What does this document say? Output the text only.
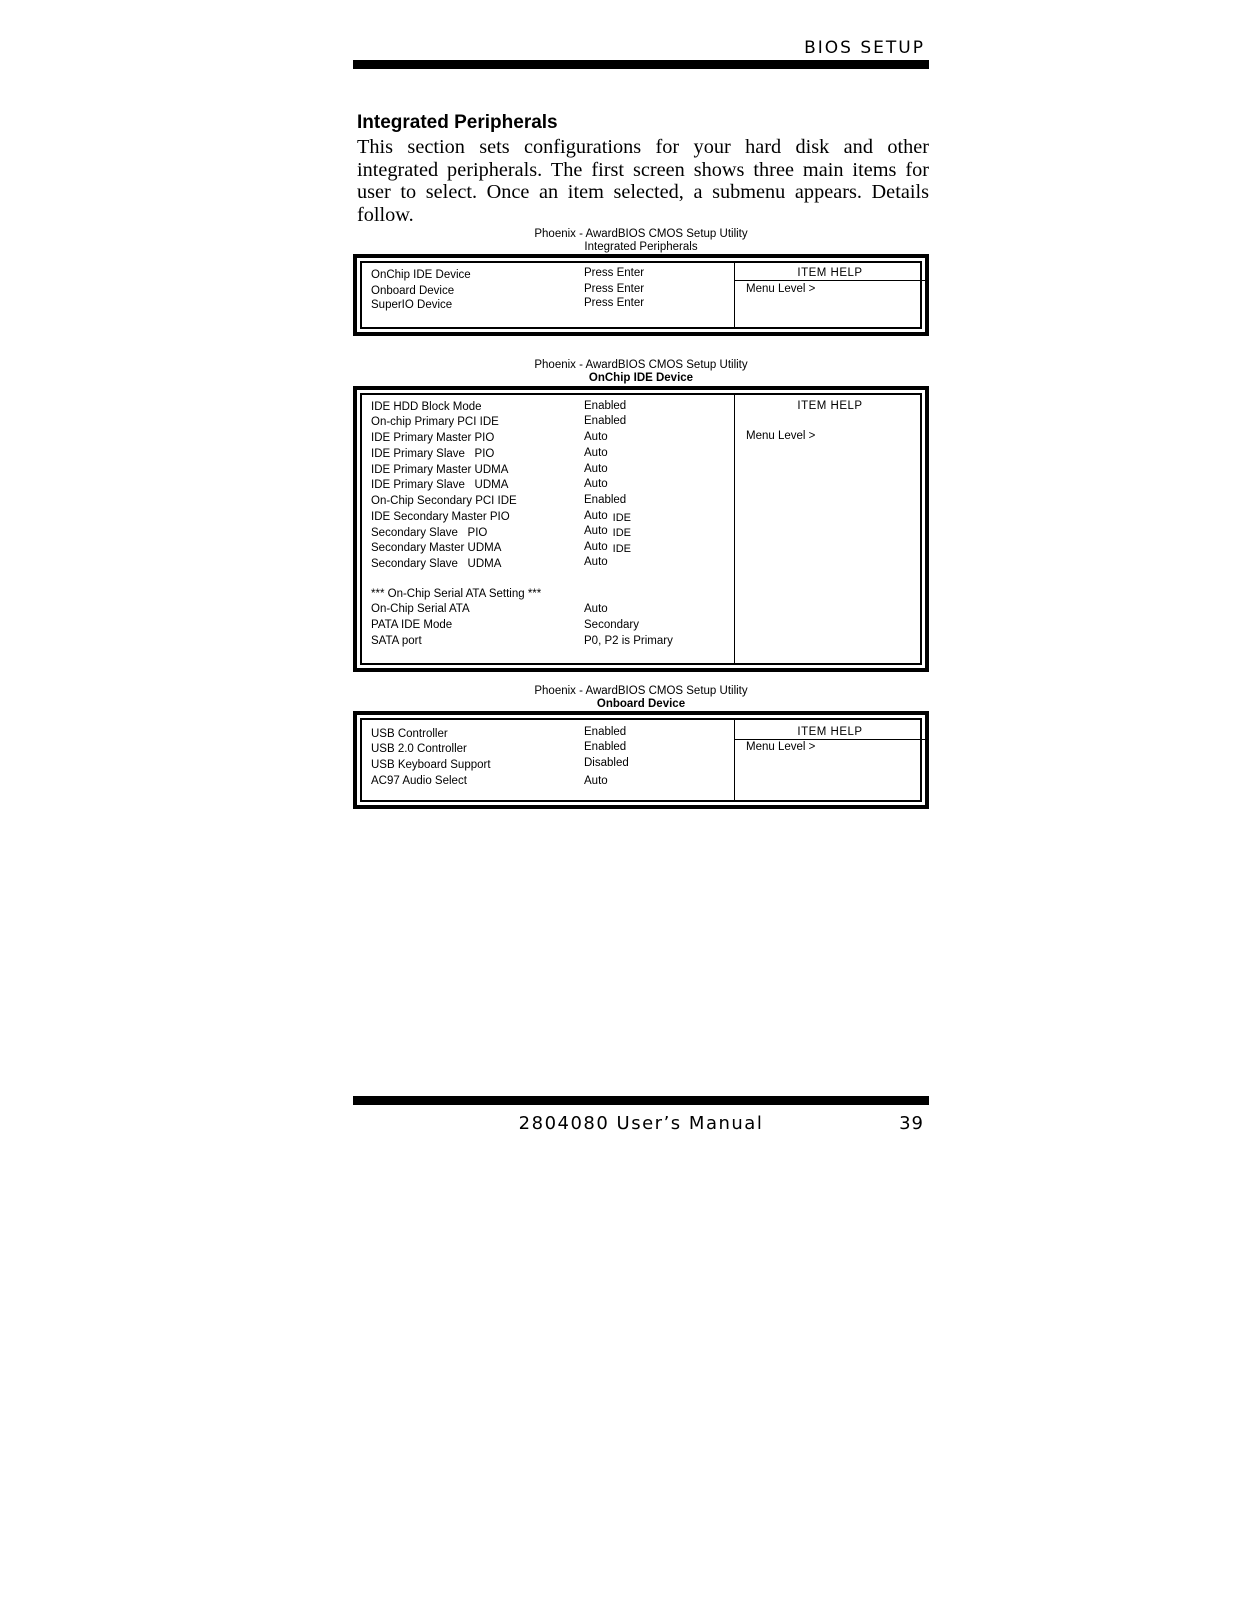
BIOS SETUP
Integrated Peripherals
This section sets configurations for your hard disk and other integrated peripherals. The first screen shows three main items for user to select. Once an item selected, a submenu appears. Details follow.
Phoenix - AwardBIOS CMOS Setup Utility
Integrated Peripherals
OnChip IDE Device	Press Enter
Onboard Device	Press Enter
SuperIO Device	Press Enter
ITEM HELP
Menu Level >
Phoenix - AwardBIOS CMOS Setup Utility
OnChip IDE Device
IDE HDD Block Mode	Enabled
On-chip Primary PCI IDE	Enabled
IDE Primary Master PIO	Auto
IDE Primary Slave   PIO	Auto
IDE Primary Master UDMA	Auto
IDE Primary Slave   UDMA	Auto
On-Chip Secondary PCI IDE	Enabled
IDE Secondary Master PIO	Auto IDE
Secondary Slave   PIO	Auto IDE
Secondary Master UDMA	Auto IDE
Secondary Slave   UDMA	Auto
*** On-Chip Serial ATA Setting ***
On-Chip Serial ATA	Auto
PATA IDE Mode	Secondary
SATA port	P0, P2 is Primary
ITEM HELP
Menu Level >
Phoenix - AwardBIOS CMOS Setup Utility
Onboard Device
USB Controller	Enabled
USB 2.0 Controller	Enabled
USB Keyboard Support	Disabled
AC97 Audio Select	Auto
ITEM HELP
Menu Level >
2804080 User’s Manual	39
